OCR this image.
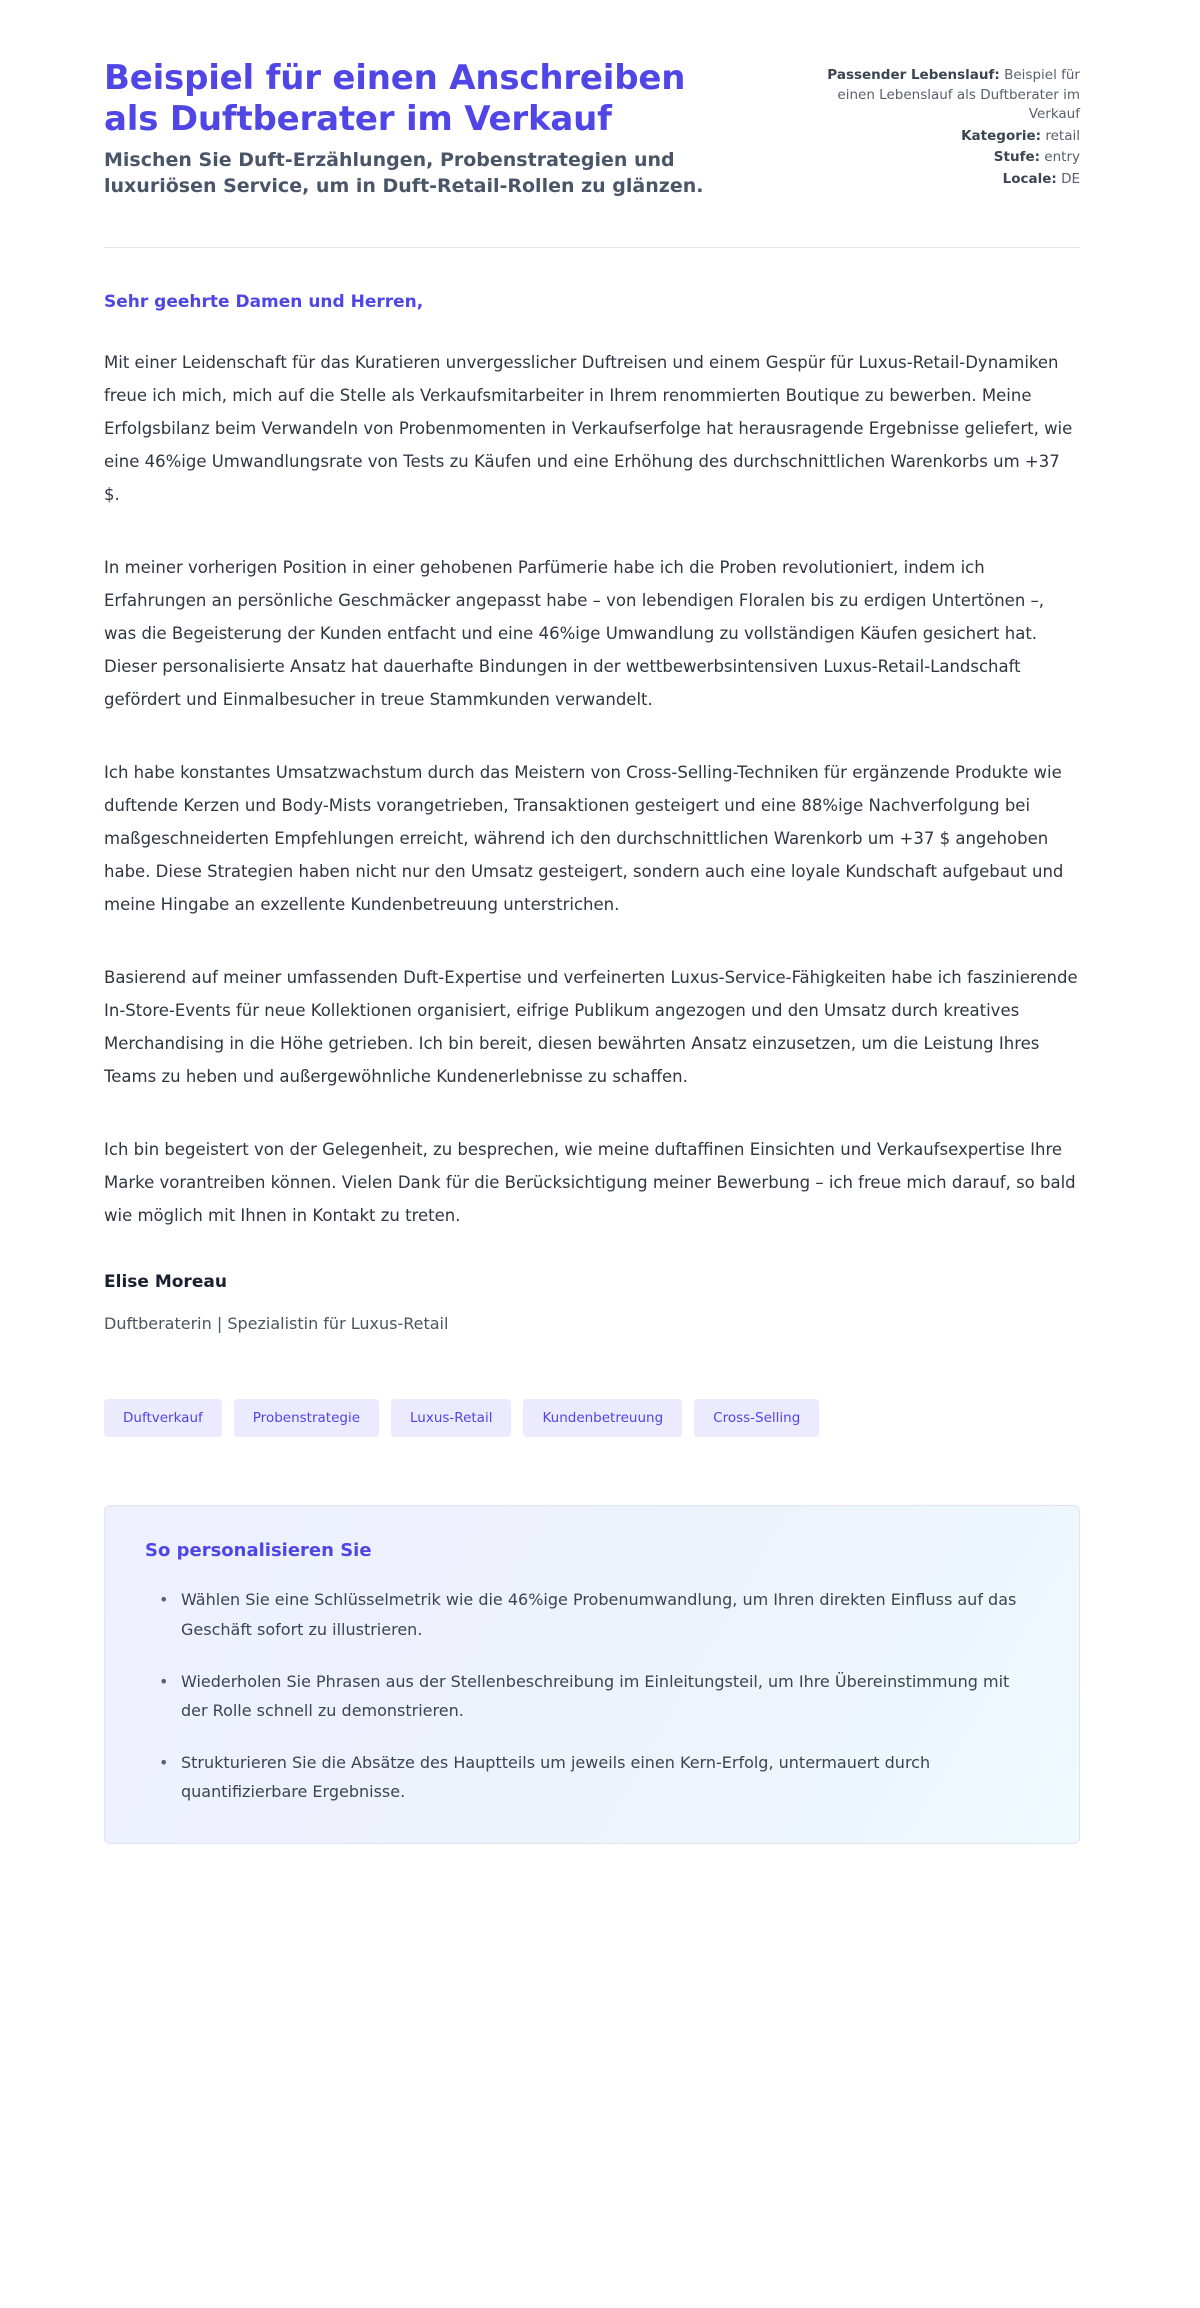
Beispiel für einen Anschreiben als Duftberater im Verkauf

Mischen Sie Duft-Erzählungen, Probenstrategien und luxuriösen Service, um in Duft-Retail-Rollen zu glänzen.

Passender Lebenslauf: Beispiel für einen Lebenslauf als Duftberater im Verkauf
Kategorie: retail
Stufe: entry
Locale: DE

Sehr geehrte Damen und Herren,

Mit einer Leidenschaft für das Kuratieren unvergesslicher Duftreisen und einem Gespür für Luxus-Retail-Dynamiken freue ich mich, mich auf die Stelle als Verkaufsmitarbeiter in Ihrem renommierten Boutique zu bewerben. Meine Erfolgsbilanz beim Verwandeln von Probenmomenten in Verkaufserfolge hat herausragende Ergebnisse geliefert, wie eine 46%ige Umwandlungsrate von Tests zu Käufen und eine Erhöhung des durchschnittlichen Warenkorbs um +37 $.

In meiner vorherigen Position in einer gehobenen Parfümerie habe ich die Proben revolutioniert, indem ich Erfahrungen an persönliche Geschmäcker angepasst habe – von lebendigen Floralen bis zu erdigen Untertönen –, was die Begeisterung der Kunden entfacht und eine 46%ige Umwandlung zu vollständigen Käufen gesichert hat. Dieser personalisierte Ansatz hat dauerhafte Bindungen in der wettbewerbsintensiven Luxus-Retail-Landschaft gefördert und Einmalbesucher in treue Stammkunden verwandelt.

Ich habe konstantes Umsatzwachstum durch das Meistern von Cross-Selling-Techniken für ergänzende Produkte wie duftende Kerzen und Body-Mists vorangetrieben, Transaktionen gesteigert und eine 88%ige Nachverfolgung bei maßgeschneiderten Empfehlungen erreicht, während ich den durchschnittlichen Warenkorb um +37 $ angehoben habe. Diese Strategien haben nicht nur den Umsatz gesteigert, sondern auch eine loyale Kundschaft aufgebaut und meine Hingabe an exzellente Kundenbetreuung unterstrichen.

Basierend auf meiner umfassenden Duft-Expertise und verfeinerten Luxus-Service-Fähigkeiten habe ich faszinierende In-Store-Events für neue Kollektionen organisiert, eifrige Publikum angezogen und den Umsatz durch kreatives Merchandising in die Höhe getrieben. Ich bin bereit, diesen bewährten Ansatz einzusetzen, um die Leistung Ihres Teams zu heben und außergewöhnliche Kundenerlebnisse zu schaffen.

Ich bin begeistert von der Gelegenheit, zu besprechen, wie meine duftaffinen Einsichten und Verkaufsexpertise Ihre Marke vorantreiben können. Vielen Dank für die Berücksichtigung meiner Bewerbung – ich freue mich darauf, so bald wie möglich mit Ihnen in Kontakt zu treten.

Elise Moreau

Duftberaterin | Spezialistin für Luxus-Retail

Duftverkauf	Probenstrategie	Luxus-Retail	Kundenbetreuung	Cross-Selling
So personalisieren Sie
• Wählen Sie eine Schlüsselmetrik wie die 46%ige Probenumwandlung, um Ihren direkten Einfluss auf das Geschäft sofort zu illustrieren.
• Wiederholen Sie Phrasen aus der Stellenbeschreibung im Einleitungsteil, um Ihre Übereinstimmung mit der Rolle schnell zu demonstrieren.
• Strukturieren Sie die Absätze des Hauptteils um jeweils einen Kern-Erfolg, untermauert durch quantifizierbare Ergebnisse.
